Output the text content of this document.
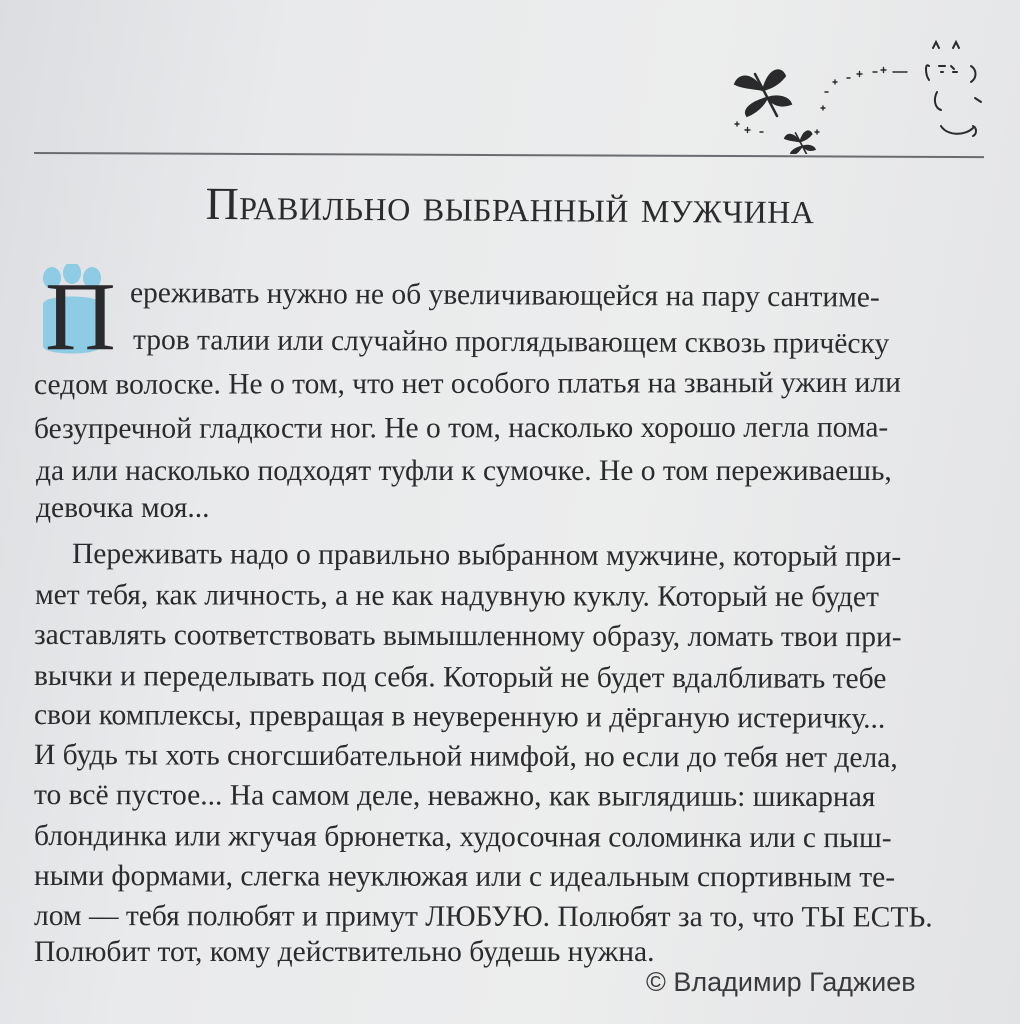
Правильно выбранный мужчина
П ереживать нужно не об увеличивающейся на пару сантиме-
тров талии или случайно проглядывающем сквозь причёску
седом волоске. Не о том, что нет особого платья на званый ужин или
безупречной гладкости ног. Не о том, насколько хорошо легла пома-
да или насколько подходят туфли к сумочке. Не о том переживаешь,
девочка моя...
Переживать надо о правильно выбранном мужчине, который при-
мет тебя, как личность, а не как надувную куклу. Который не будет
заставлять соответствовать вымышленному образу, ломать твои при-
вычки и переделывать под себя. Который не будет вдалбливать тебе
свои комплексы, превращая в неуверенную и дёрганую истеричку...
И будь ты хоть сногсшибательной нимфой, но если до тебя нет дела,
то всё пустое... На самом деле, неважно, как выглядишь: шикарная
блондинка или жгучая брюнетка, худосочная соломинка или с пыш-
ными формами, слегка неуклюжая или с идеальным спортивным те-
лом — тебя полюбят и примут ЛЮБУЮ. Полюбят за то, что ТЫ ЕСТЬ.
Полюбит тот, кому действительно будешь нужна.
© Владимир Гаджиев
